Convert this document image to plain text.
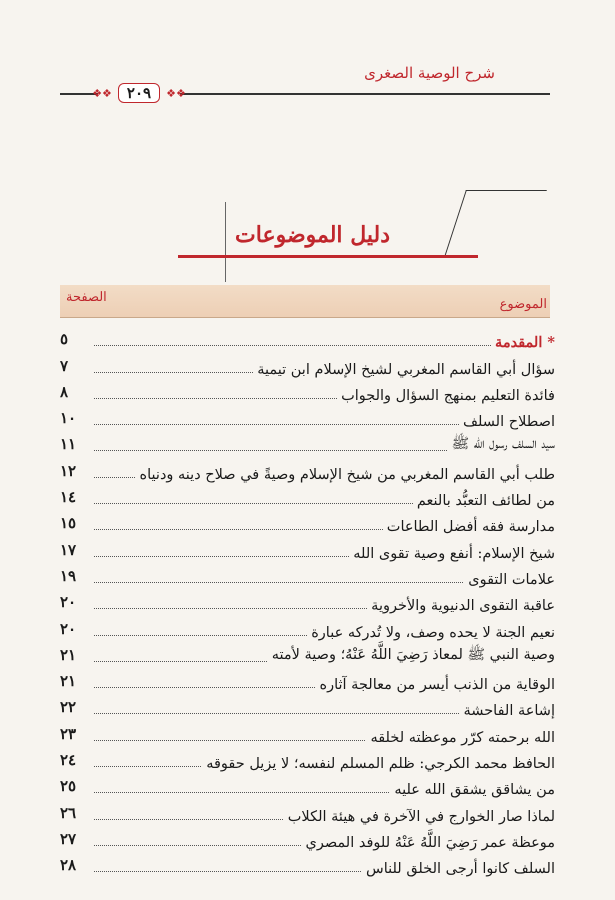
شرح الوصية الصغرى
❖❖	٢٠٩	❖❖
دليل الموضوعات
الموضوع
الصفحة
٥	* المقدمة
٧	سؤال أبي القاسم المغربي لشيخ الإسلام ابن تيمية
٨	فائدة التعليم بمنهج السؤال والجواب
١٠	اصطلاح السلف
١١	سيد السلف رسول الله ﷺ
١٢	طلب أبي القاسم المغربي من شيخ الإسلام وصيةً في صلاح دينه ودنياه
١٤	من لطائف التعبُّد بالنعم
١٥	مدارسة فقه أفضل الطاعات
١٧	شيخ الإسلام: أنفع وصية تقوى الله
١٩	علامات التقوى
٢٠	عاقبة التقوى الدنيوية والأخروية
٢٠	نعيم الجنة لا يحده وصف، ولا تُدركه عبارة
٢١	وصية النبي ﷺ لمعاذ رَضِيَ اللَّهُ عَنْهُ؛ وصية لأمته
٢١	الوقاية من الذنب أيسر من معالجة آثاره
٢٢	إشاعة الفاحشة
٢٣	الله برحمته كرّر موعظته لخلقه
٢٤	الحافظ محمد الكرجي: ظلم المسلم لنفسه؛ لا يزيل حقوقه
٢٥	من يشاقق يشقق الله عليه
٢٦	لماذا صار الخوارج في الآخرة في هيئة الكلاب
٢٧	موعظة عمر رَضِيَ اللَّهُ عَنْهُ للوفد المصري
٢٨	السلف كانوا أرجى الخلق للناس
